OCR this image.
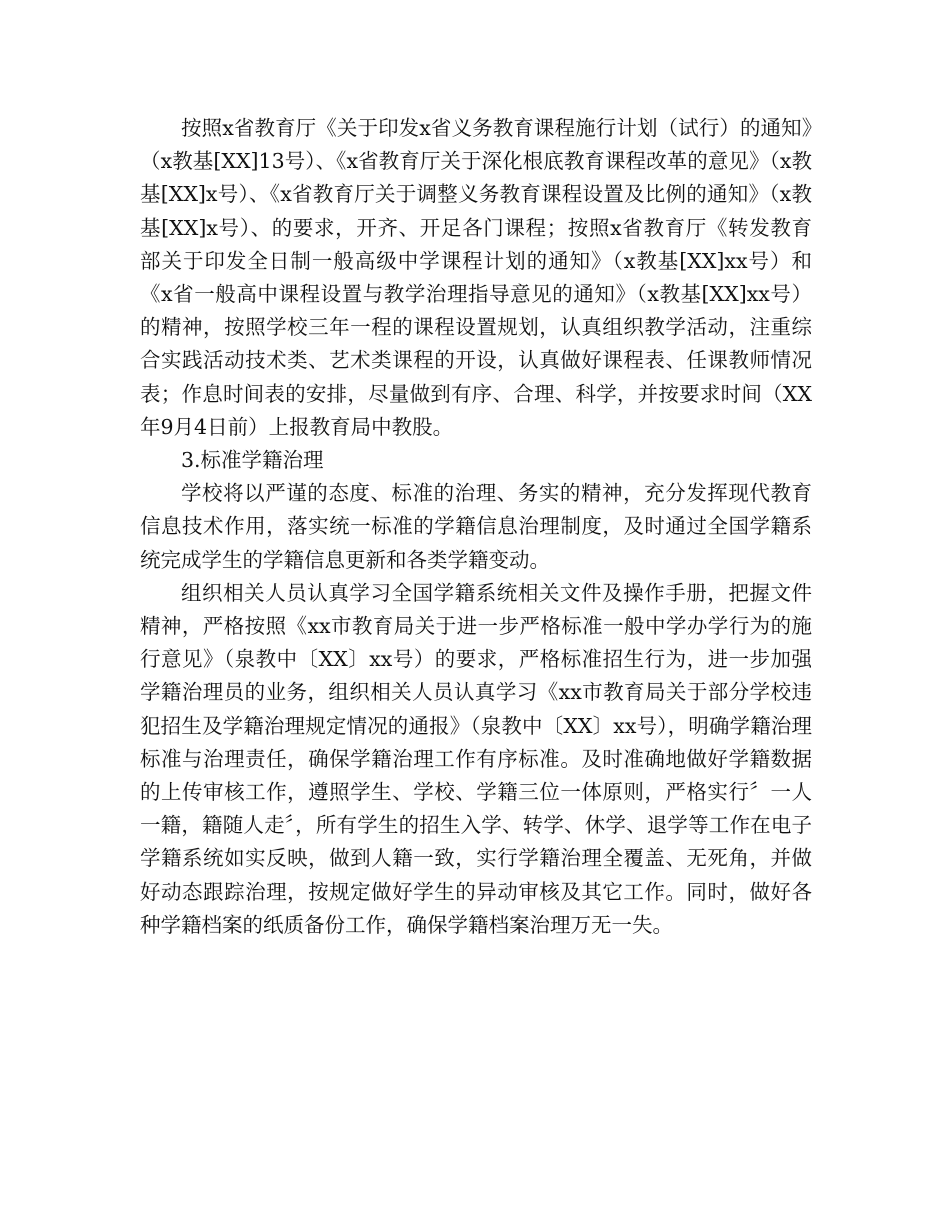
按照x省教育厅《关于印发x省义务教育课程施行计划（试行）的通知》（x教基[XX]13号）、《x省教育厅关于深化根底教育课程改革的意见》（x教基[XX]x号）、《x省教育厅关于调整义务教育课程设置及比例的通知》（x教基[XX]x号）、的要求，开齐、开足各门课程；按照x省教育厅《转发教育部关于印发全日制一般高级中学课程计划的通知》（x教基[XX]xx号）和《x省一般高中课程设置与教学治理指导意见的通知》（x教基[XX]xx号）的精神，按照学校三年一程的课程设置规划，认真组织教学活动，注重综合实践活动技术类、艺术类课程的开设，认真做好课程表、任课教师情况表；作息时间表的安排，尽量做到有序、合理、科学，并按要求时间（XX年9月4日前）上报教育局中教股。

3.标准学籍治理

学校将以严谨的态度、标准的治理、务实的精神，充分发挥现代教育信息技术作用，落实统一标准的学籍信息治理制度，及时通过全国学籍系统完成学生的学籍信息更新和各类学籍变动。

组织相关人员认真学习全国学籍系统相关文件及操作手册，把握文件精神，严格按照《xx市教育局关于进一步严格标准一般中学办学行为的施行意见》（泉教中〔XX〕xx号）的要求，严格标准招生行为，进一步加强学籍治理员的业务，组织相关人员认真学习《xx市教育局关于部分学校违犯招生及学籍治理规定情况的通报》（泉教中〔XX〕xx号），明确学籍治理标准与治理责任，确保学籍治理工作有序标准。及时准确地做好学籍数据的上传审核工作，遵照学生、学校、学籍三位一体原则，严格实行〞一人一籍，籍随人走〞，所有学生的招生入学、转学、休学、退学等工作在电子学籍系统如实反映，做到人籍一致，实行学籍治理全覆盖、无死角，并做好动态跟踪治理，按规定做好学生的异动审核及其它工作。同时，做好各种学籍档案的纸质备份工作，确保学籍档案治理万无一失。
